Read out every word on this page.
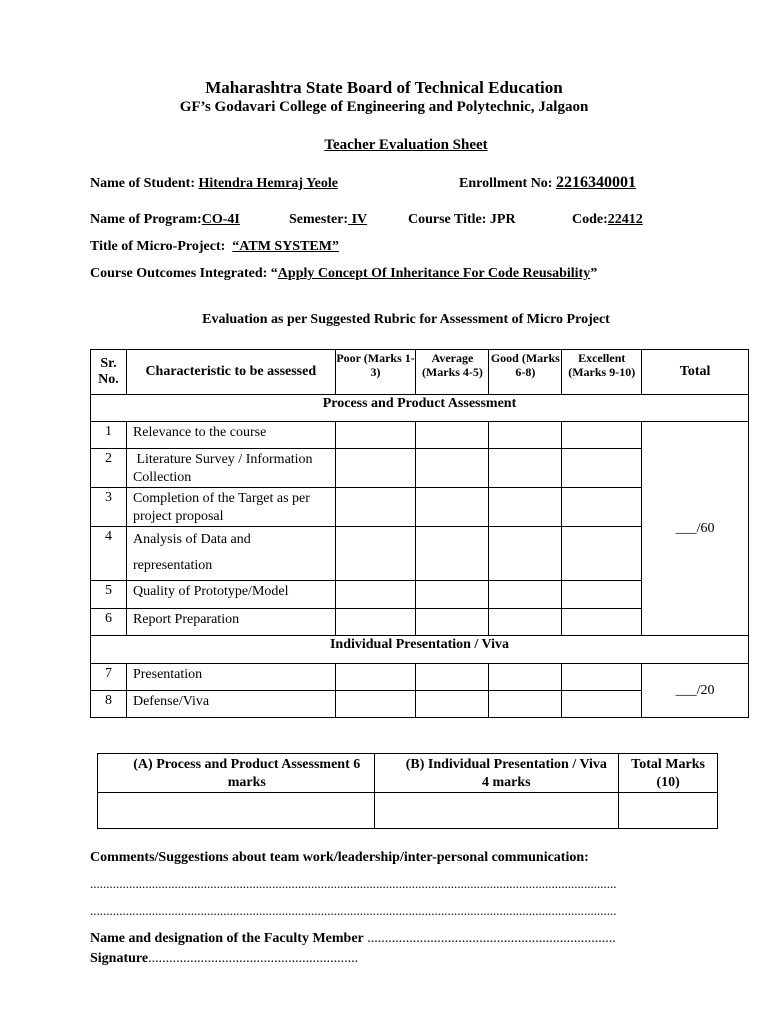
Maharashtra State Board of Technical Education
GF’s Godavari College of Engineering and Polytechnic, Jalgaon
Teacher Evaluation Sheet
Name of Student: Hitendra Hemraj Yeole	Enrollment No: 2216340001
Name of Program:CO-4I	Semester: IV	Course Title: JPR	Code:22412
Title of Micro-Project: “ATM SYSTEM”
Course Outcomes Integrated: “Apply Concept Of Inheritance For Code Reusability”
Evaluation as per Suggested Rubric for Assessment of Micro Project
Sr. No.	Characteristic to be assessed	Poor (Marks 1- 3)	Average (Marks 4-5)	Good (Marks 6-8)	Excellent (Marks 9-10)	Total
Process and Product Assessment						
1	Relevance to the course					___/60
2	Literature Survey / Information Collection					
3	Completion of the Target as per project proposal					
4	Analysis of Data and representation					
5	Quality of Prototype/Model					
6	Report Preparation					
Individual Presentation / Viva						
7	Presentation					___/20
8	Defense/Viva					
(A) Process and Product Assessment 6 marks	(B) Individual Presentation / Viva 4 marks	Total Marks (10)

Comments/Suggestions about team work/leadership/inter-personal communication:
..................................................................................................................................................................
..................................................................................................................................................................
Name and designation of the Faculty Member .......................................................................
Signature............................................................
